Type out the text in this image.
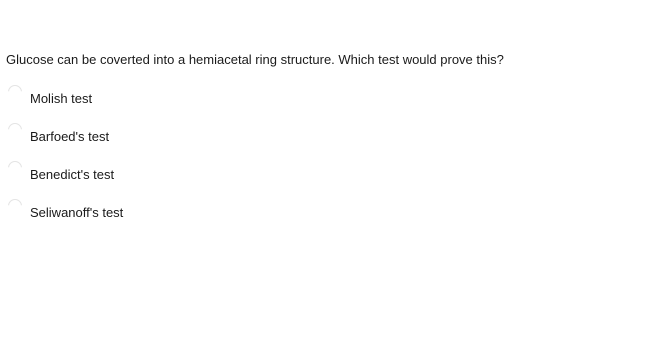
Glucose can be coverted into a hemiacetal ring structure. Which test would prove this?
Molish test
Barfoed's test
Benedict's test
Seliwanoff's test
